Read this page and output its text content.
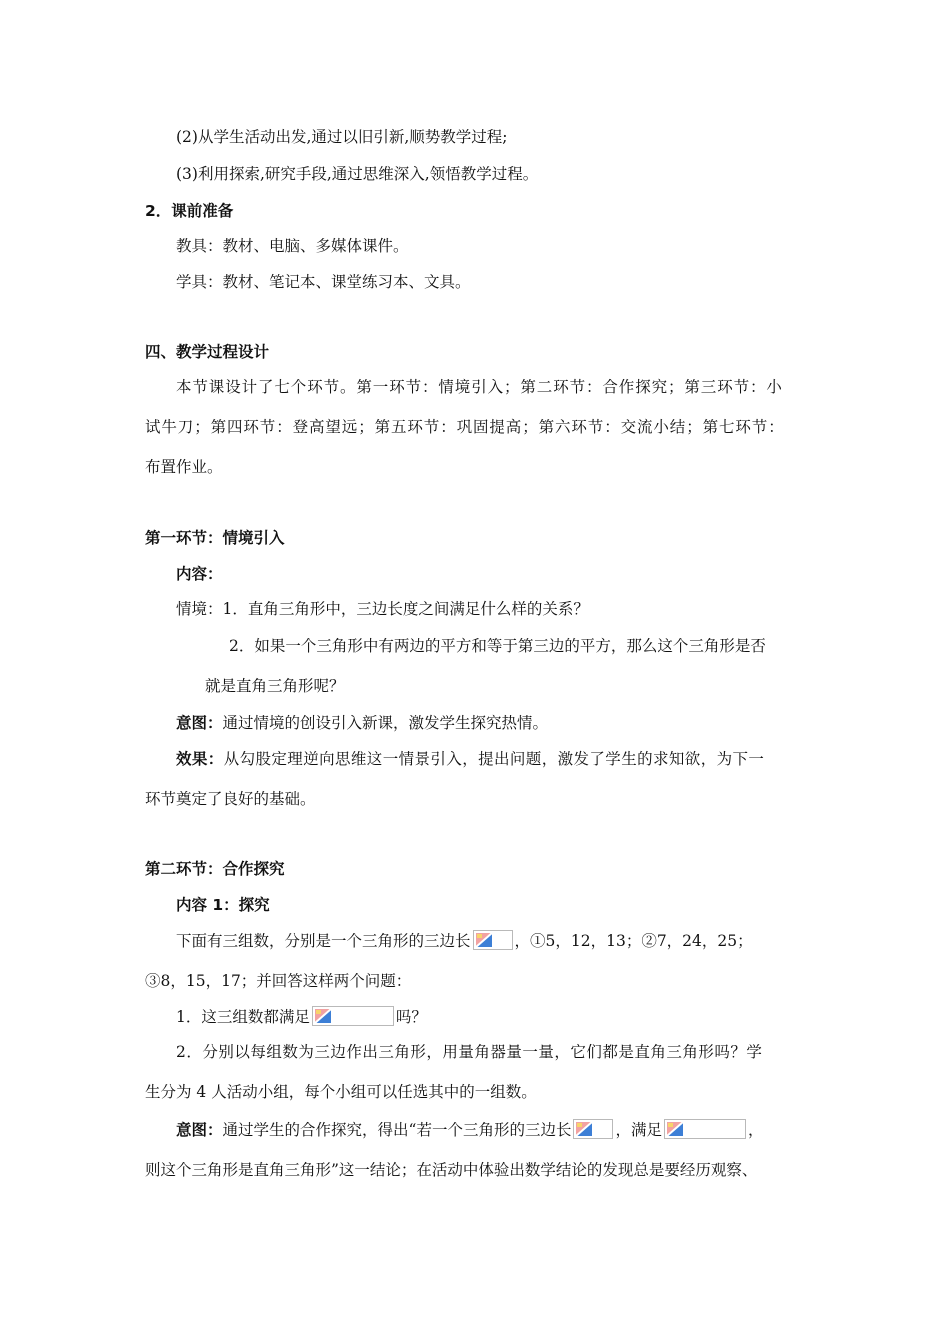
(2)从学生活动出发,通过以旧引新,顺势教学过程;
(3)利用探索,研究手段,通过思维深入,领悟教学过程。
2．课前准备
教具：教材、电脑、多媒体课件。
学具：教材、笔记本、课堂练习本、文具。
四、教学过程设计
本节课设计了七个环节。第一环节：情境引入；第二环节：合作探究；第三环节：小
试牛刀；第四环节：登高望远；第五环节：巩固提高；第六环节：交流小结；第七环节：
布置作业。
第一环节：情境引入
内容：
情境：1．直角三角形中，三边长度之间满足什么样的关系？
2．如果一个三角形中有两边的平方和等于第三边的平方，那么这个三角形是否
就是直角三角形呢？
意图：通过情境的创设引入新课，激发学生探究热情。
效果：从勾股定理逆向思维这一情景引入，提出问题，激发了学生的求知欲，为下一
环节奠定了良好的基础。
第二环节：合作探究
内容 1：探究
下面有三组数，分别是一个三角形的三边长	，①5，12，13；②7，24，25；
③8，15，17；并回答这样两个问题：
1．这三组数都满足	吗？
2．分别以每组数为三边作出三角形，用量角器量一量，它们都是直角三角形吗？学
生分为 4 人活动小组，每个小组可以任选其中的一组数。
意图：通过学生的合作探究，得出“若一个三角形的三边长	，满足	，
则这个三角形是直角三角形”这一结论；在活动中体验出数学结论的发现总是要经历观察、
